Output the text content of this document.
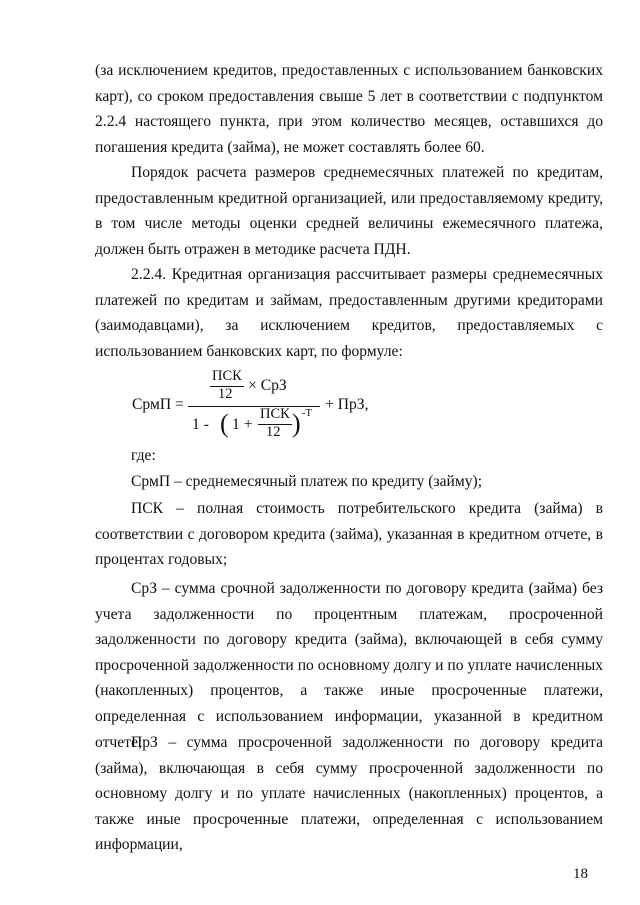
(за исключением кредитов, предоставленных с использованием банковских карт), со сроком предоставления свыше 5 лет в соответствии с подпунктом 2.2.4 настоящего пункта, при этом количество месяцев, оставшихся до погашения кредита (займа), не может составлять более 60.

Порядок расчета размеров среднемесячных платежей по кредитам, предоставленным кредитной организацией, или предоставляемому кредиту, в том числе методы оценки средней величины ежемесячного платежа, должен быть отражен в методике расчета ПДН.

2.2.4. Кредитная организация рассчитывает размеры среднемесячных платежей по кредитам и займам, предоставленным другими кредиторами (заимодавцами), за исключением кредитов, предоставляемых с использованием банковских карт, по формуле:

СрмП =
ПСК
12 × СрЗ
1 - ( 1 +
ПСК
12 ) -Т
+ ПрЗ,
где:

СрмП – среднемесячный платеж по кредиту (займу);

ПСК – полная стоимость потребительского кредита (займа) в соответствии с договором кредита (займа), указанная в кредитном отчете, в процентах годовых;

СрЗ – сумма срочной задолженности по договору кредита (займа) без учета задолженности по процентным платежам, просроченной задолженности по договору кредита (займа), включающей в себя сумму просроченной задолженности по основному долгу и по уплате начисленных (накопленных) процентов, а также иные просроченные платежи, определенная с использованием информации, указанной в кредитном отчете;

ПрЗ – сумма просроченной задолженности по договору кредита (займа), включающая в себя сумму просроченной задолженности по основному долгу и по уплате начисленных (накопленных) процентов, а также иные просроченные платежи, определенная с использованием информации,

18
